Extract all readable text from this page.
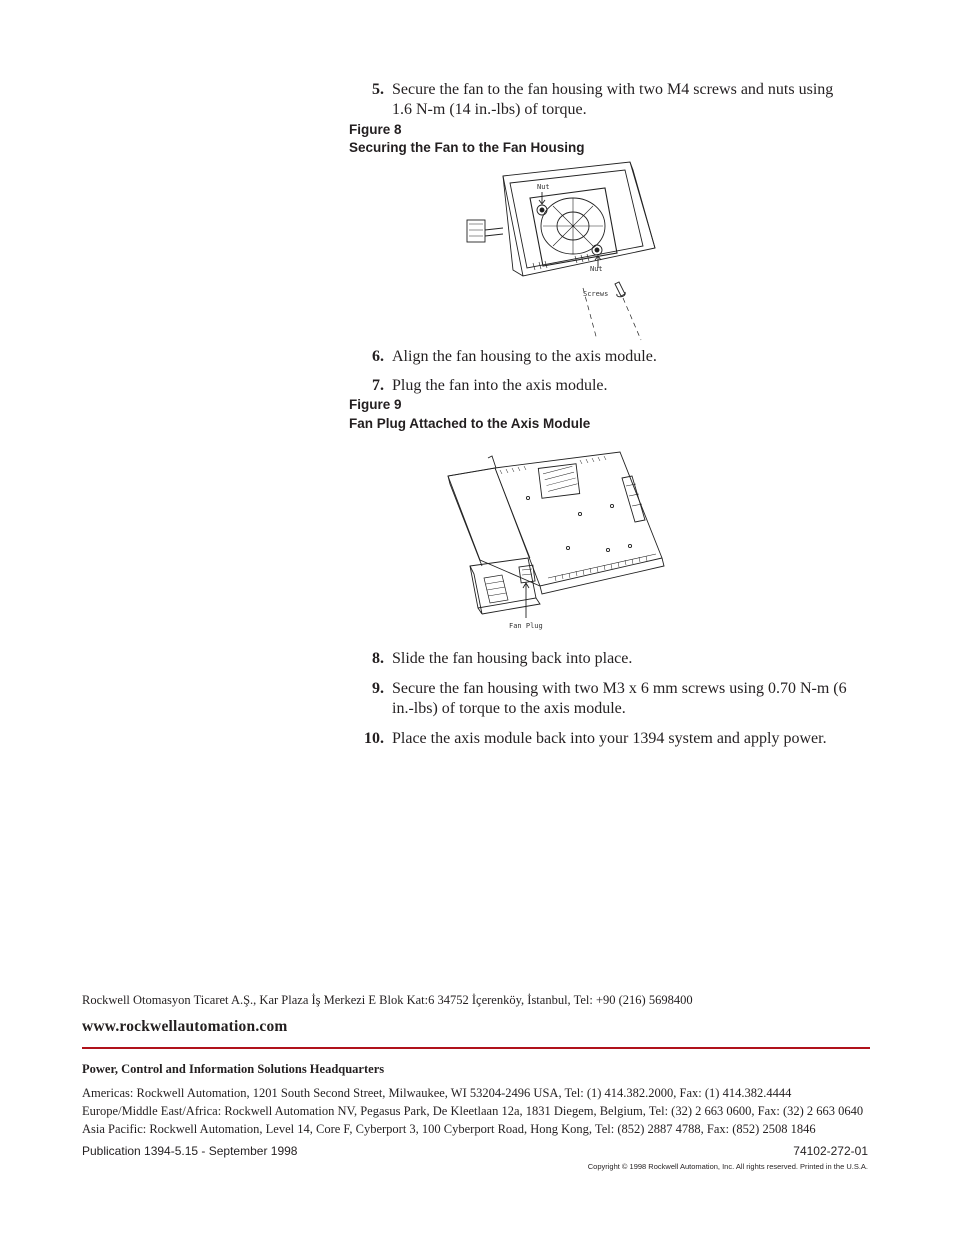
5. Secure the fan to the fan housing with two M4 screws and nuts using 1.6 N-m (14 in.-lbs) of torque.
Figure 8
Securing the Fan to the Fan Housing
Nut
Nut
Screws
6. Align the fan housing to the axis module.
7. Plug the fan into the axis module.
Figure 9
Fan Plug Attached to the Axis Module
Fan Plug
8. Slide the fan housing back into place.
9. Secure the fan housing with two M3 x 6 mm screws using 0.70 N-m (6 in.-lbs) of torque to the axis module.
10. Place the axis module back into your 1394 system and apply power.
Rockwell Otomasyon Ticaret A.Ş., Kar Plaza İş Merkezi E Blok Kat:6 34752 İçerenköy, İstanbul, Tel: +90 (216) 5698400
www.rockwellautomation.com
Power, Control and Information Solutions Headquarters
Americas: Rockwell Automation, 1201 South Second Street, Milwaukee, WI 53204-2496 USA, Tel: (1) 414.382.2000, Fax: (1) 414.382.4444
Europe/Middle East/Africa: Rockwell Automation NV, Pegasus Park, De Kleetlaan 12a, 1831 Diegem, Belgium, Tel: (32) 2 663 0600, Fax: (32) 2 663 0640
Asia Pacific: Rockwell Automation, Level 14, Core F, Cyberport 3, 100 Cyberport Road, Hong Kong, Tel: (852) 2887 4788, Fax: (852) 2508 1846
Publication 1394-5.15 - September 1998	74102-272-01
Copyright © 1998 Rockwell Automation, Inc. All rights reserved. Printed in the U.S.A.
